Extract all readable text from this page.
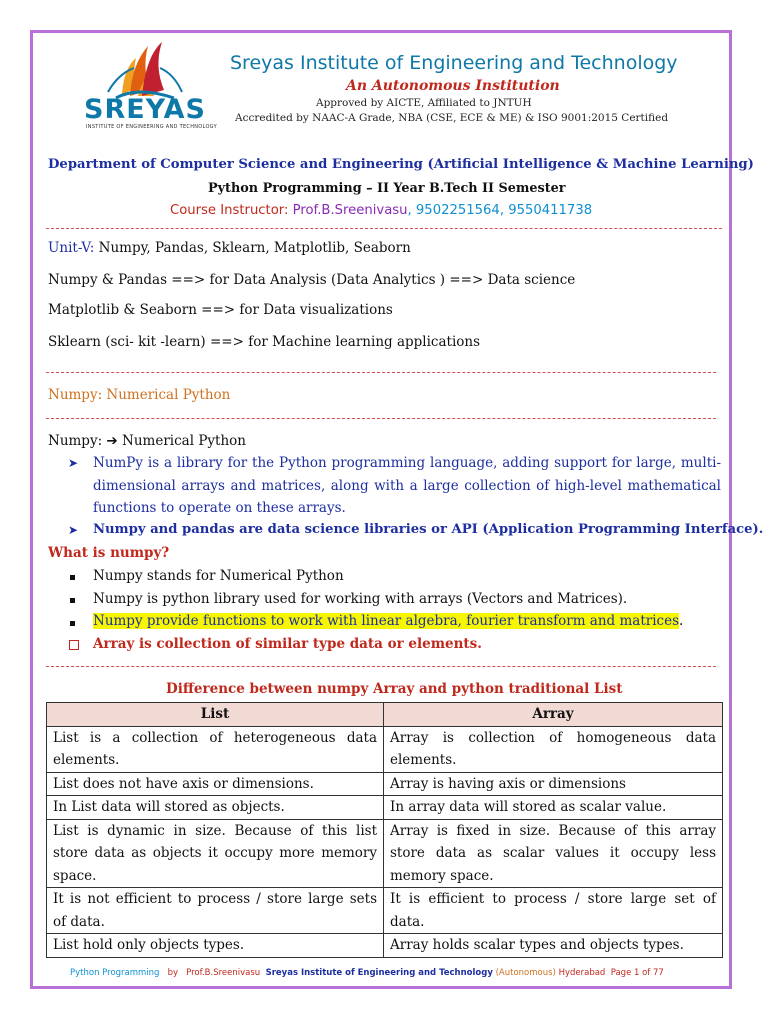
SREYAS
INSTITUTE OF ENGINEERING AND TECHNOLOGY
Sreyas Institute of Engineering and Technology
An Autonomous Institution
Approved by AICTE, Affiliated to JNTUH
Accredited by NAAC-A Grade, NBA (CSE, ECE & ME) & ISO 9001:2015 Certified
Department of Computer Science and Engineering (Artificial Intelligence & Machine Learning)
Python Programming – II Year B.Tech II Semester
Course Instructor: Prof.B.Sreenivasu, 9502251564, 9550411738
Unit-V: Numpy, Pandas, Sklearn, Matplotlib, Seaborn
Numpy & Pandas ==> for Data Analysis (Data Analytics ) ==> Data science
Matplotlib & Seaborn ==> for Data visualizations
Sklearn (sci- kit -learn) ==> for Machine learning applications
Numpy: Numerical Python
Numpy: ➔ Numerical Python
➤ NumPy is a library for the Python programming language, adding support for large, multi-dimensional arrays and matrices, along with a large collection of high-level mathematical functions to operate on these arrays.
➤ Numpy and pandas are data science libraries or API (Application Programming Interface).
What is numpy?
Numpy stands for Numerical Python
Numpy is python library used for working with arrays (Vectors and Matrices).
Numpy provide functions to work with linear algebra, fourier transform and matrices.
Array is collection of similar type data or elements.
Difference between numpy Array and python traditional List
List	Array
List is a collection of heterogeneous data elements.	Array is collection of homogeneous data elements.
List does not have axis or dimensions.	Array is having axis or dimensions
In List data will stored as objects.	In array data will stored as scalar value.
List is dynamic in size. Because of this list store data as objects it occupy more memory space.	Array is fixed in size. Because of this array store data as scalar values it occupy less memory space.
It is not efficient to process / store large sets of data.	It is efficient to process / store large set of data.
List hold only objects types.	Array holds scalar types and objects types.
Python Programming by Prof.B.Sreenivasu Sreyas Institute of Engineering and Technology (Autonomous) Hyderabad Page 1 of 77
